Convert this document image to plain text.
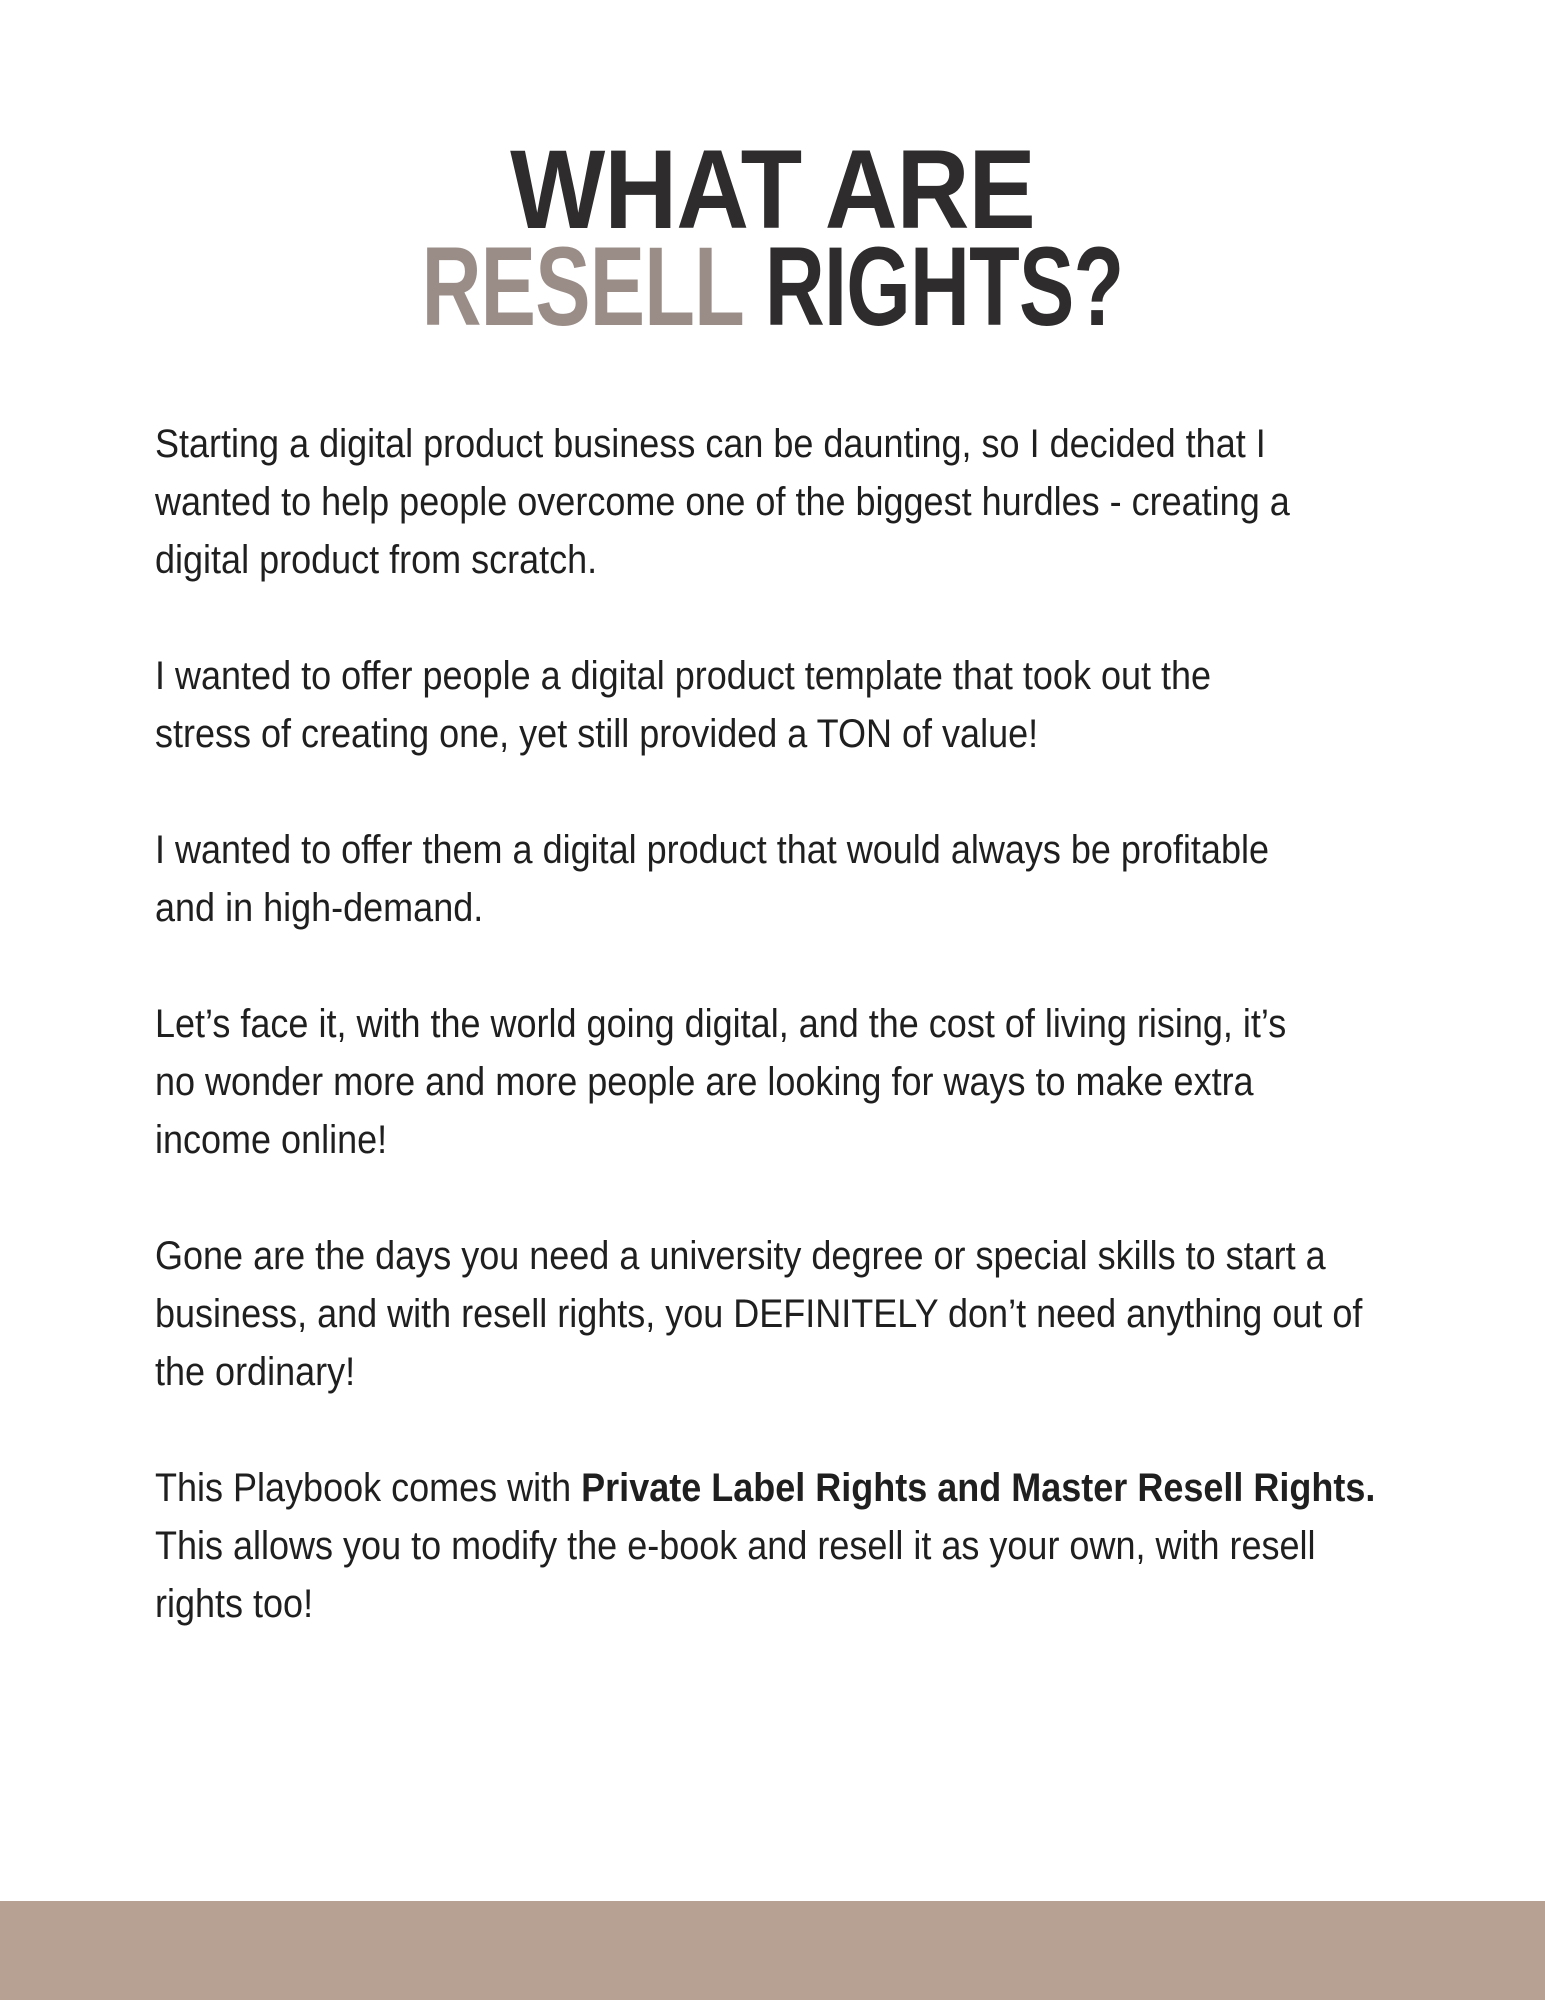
WHAT ARE
RESELL RIGHTS?

Starting a digital product business can be daunting, so I decided that I
wanted to help people overcome one of the biggest hurdles - creating a
digital product from scratch.

I wanted to offer people a digital product template that took out the
stress of creating one, yet still provided a TON of value!

I wanted to offer them a digital product that would always be profitable
and in high-demand.

Let’s face it, with the world going digital, and the cost of living rising, it’s
no wonder more and more people are looking for ways to make extra
income online!

Gone are the days you need a university degree or special skills to start a
business, and with resell rights, you DEFINITELY don’t need anything out of
the ordinary!

This Playbook comes with Private Label Rights and Master Resell Rights.
This allows you to modify the e-book and resell it as your own, with resell
rights too!
